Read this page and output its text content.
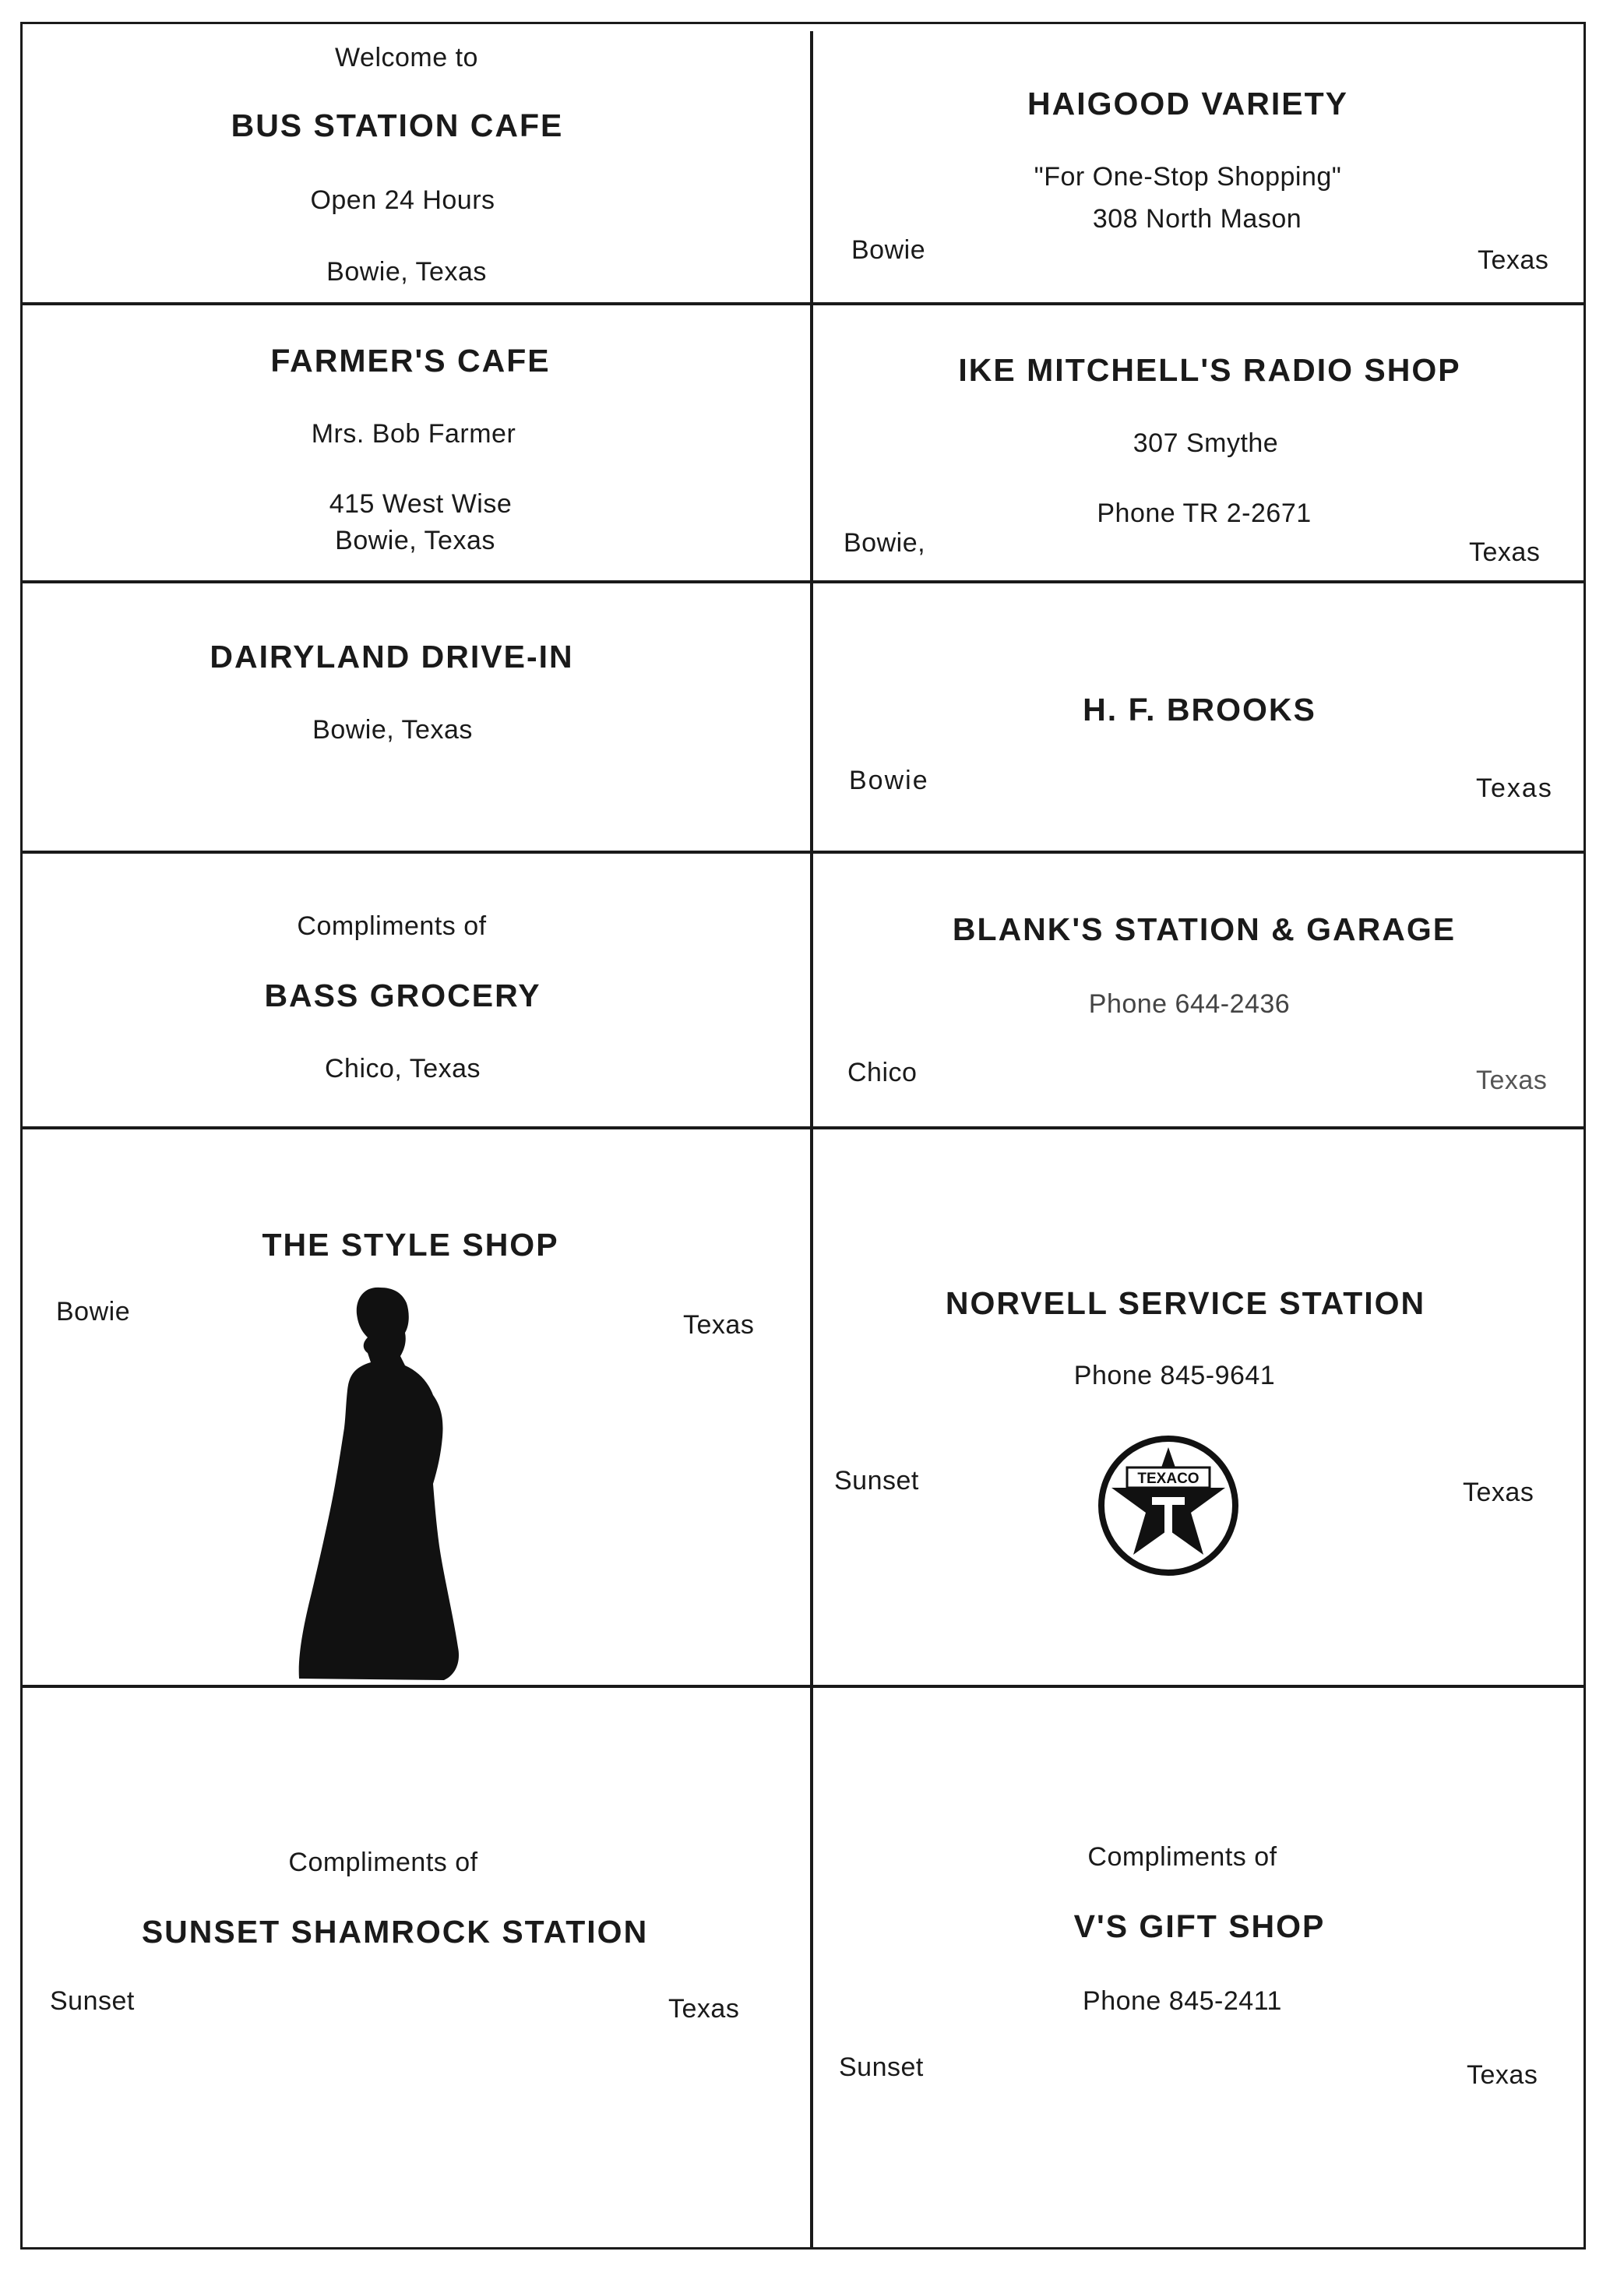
Welcome to
BUS STATION CAFE
Open 24 Hours
Bowie, Texas
HAIGOOD VARIETY
"For One-Stop Shopping"
308 North Mason
Bowie	Texas
FARMER'S CAFE
Mrs. Bob Farmer
415 West Wise
Bowie, Texas
IKE MITCHELL'S RADIO SHOP
307 Smythe
Phone TR 2-2671
Bowie,	Texas
DAIRYLAND DRIVE-IN
Bowie, Texas
H. F. BROOKS
Bowie	Texas
Compliments of
BASS GROCERY
Chico, Texas
BLANK'S STATION & GARAGE
Phone 644-2436
Chico	Texas
THE STYLE SHOP
Bowie	Texas
NORVELL SERVICE STATION
Phone 845-9641
Sunset	Texas
TEXACO
Compliments of
SUNSET SHAMROCK STATION
Sunset	Texas
Compliments of
V'S GIFT SHOP
Phone 845-2411
Sunset	Texas
